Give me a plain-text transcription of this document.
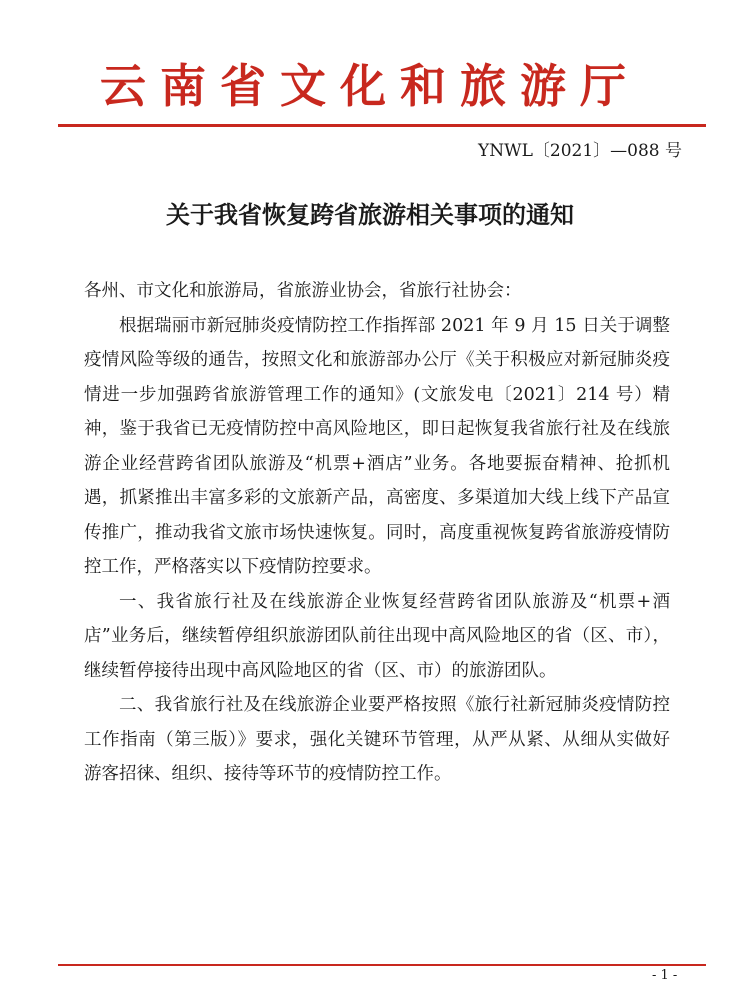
云南省文化和旅游厅
YNWL〔2021〕—088 号
关于我省恢复跨省旅游相关事项的通知

各州、市文化和旅游局，省旅游业协会，省旅行社协会：

根据瑞丽市新冠肺炎疫情防控工作指挥部 2021 年 9 月 15 日关于调整疫情风险等级的通告，按照文化和旅游部办公厅《关于积极应对新冠肺炎疫情进一步加强跨省旅游管理工作的通知》(文旅发电〔2021〕214 号）精神，鉴于我省已无疫情防控中高风险地区，即日起恢复我省旅行社及在线旅游企业经营跨省团队旅游及“机票+酒店”业务。各地要振奋精神、抢抓机遇，抓紧推出丰富多彩的文旅新产品，高密度、多渠道加大线上线下产品宣传推广，推动我省文旅市场快速恢复。同时，高度重视恢复跨省旅游疫情防控工作，严格落实以下疫情防控要求。

一、我省旅行社及在线旅游企业恢复经营跨省团队旅游及“机票+酒店”业务后，继续暂停组织旅游团队前往出现中高风险地区的省（区、市），继续暂停接待出现中高风险地区的省（区、市）的旅游团队。

二、我省旅行社及在线旅游企业要严格按照《旅行社新冠肺炎疫情防控工作指南（第三版）》要求，强化关键环节管理，从严从紧、从细从实做好游客招徕、组织、接待等环节的疫情防控工作。

- 1 -
